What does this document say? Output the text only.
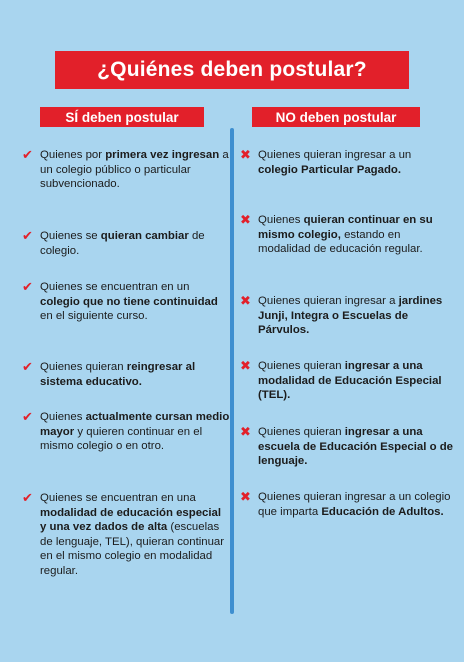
¿Quiénes deben postular?
SÍ deben postular	NO deben postular
✔ Quienes por primera vez ingresan a un colegio público o particular subvencionado.
✔ Quienes se quieran cambiar de colegio.
✔ Quienes se encuentran en un colegio que no tiene continuidad en el siguiente curso.
✔ Quienes quieran reingresar al sistema educativo.
✔ Quienes actualmente cursan medio mayor y quieren continuar en el mismo colegio o en otro.
✔ Quienes se encuentran en una modalidad de educación especial y una vez dados de alta (escuelas de lenguaje, TEL), quieran continuar en el mismo colegio en modalidad regular.
✖ Quienes quieran ingresar a un colegio Particular Pagado.
✖ Quienes quieran continuar en su mismo colegio, estando en modalidad de educación regular.
✖ Quienes quieran ingresar a jardines Junji, Integra o Escuelas de Párvulos.
✖ Quienes quieran ingresar a una modalidad de Educación Especial (TEL).
✖ Quienes quieran ingresar a una escuela de Educación Especial o de lenguaje.
✖ Quienes quieran ingresar a un colegio que imparta Educación de Adultos.
